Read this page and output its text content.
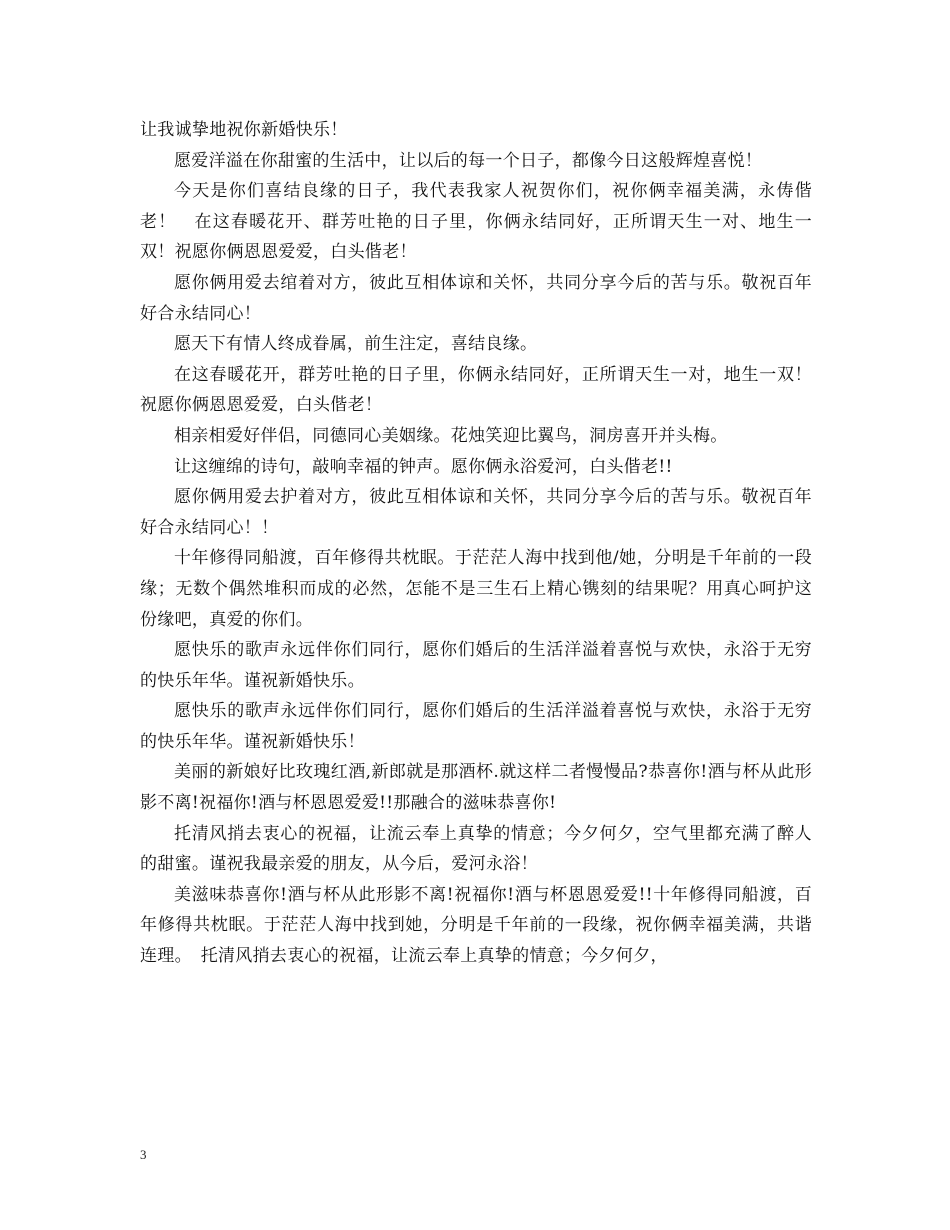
让我诚挚地祝你新婚快乐！

愿爱洋溢在你甜蜜的生活中，让以后的每一个日子，都像今日这般辉煌喜悦！

今天是你们喜结良缘的日子，我代表我家人祝贺你们，祝你俩幸福美满，永俦偕老！　在这春暖花开、群芳吐艳的日子里，你俩永结同好，正所谓天生一对、地生一双！祝愿你俩恩恩爱爱，白头偕老！

愿你俩用爱去绾着对方，彼此互相体谅和关怀，共同分享今后的苦与乐。敬祝百年好合永结同心！

愿天下有情人终成眷属，前生注定，喜结良缘。

在这春暖花开，群芳吐艳的日子里，你俩永结同好，正所谓天生一对，地生一双！祝愿你俩恩恩爱爱，白头偕老！

相亲相爱好伴侣，同德同心美姻缘。花烛笑迎比翼鸟，洞房喜开并头梅。

让这缠绵的诗句，敲响幸福的钟声。愿你俩永浴爱河，白头偕老!!

愿你俩用爱去护着对方，彼此互相体谅和关怀，共同分享今后的苦与乐。敬祝百年好合永结同心！！

十年修得同船渡，百年修得共枕眠。于茫茫人海中找到他/她，分明是千年前的一段缘；无数个偶然堆积而成的必然，怎能不是三生石上精心镌刻的结果呢？用真心呵护这份缘吧，真爱的你们。

愿快乐的歌声永远伴你们同行，愿你们婚后的生活洋溢着喜悦与欢快，永浴于无穷的快乐年华。谨祝新婚快乐。

愿快乐的歌声永远伴你们同行，愿你们婚后的生活洋溢着喜悦与欢快，永浴于无穷的快乐年华。谨祝新婚快乐！

美丽的新娘好比玫瑰红酒,新郎就是那酒杯.就这样二者慢慢品?恭喜你!酒与杯从此形影不离!祝福你!酒与杯恩恩爱爱!!那融合的滋味恭喜你!

托清风捎去衷心的祝福，让流云奉上真挚的情意；今夕何夕，空气里都充满了醉人的甜蜜。谨祝我最亲爱的朋友，从今后，爱河永浴！

美滋味恭喜你!酒与杯从此形影不离!祝福你!酒与杯恩恩爱爱!!十年修得同船渡，百年修得共枕眠。于茫茫人海中找到她，分明是千年前的一段缘，祝你俩幸福美满，共谐连理。　托清风捎去衷心的祝福，让流云奉上真挚的情意；今夕何夕，

3
